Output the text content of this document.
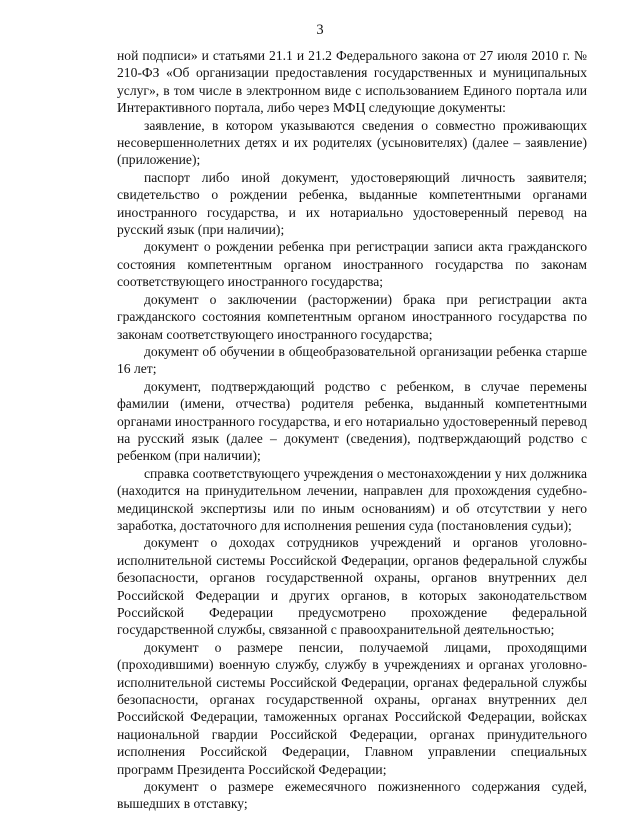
3

ной подписи» и статьями 21.1 и 21.2 Федерального закона от 27 июля 2010 г. № 210-ФЗ «Об организации предоставления государственных и муниципальных услуг», в том числе в электронном виде с использованием Единого портала или Интерактивного портала, либо через МФЦ следующие документы:

заявление, в котором указываются сведения о совместно проживающих несовершеннолетних детях и их родителях (усыновителях) (далее – заявление) (приложение);

паспорт либо иной документ, удостоверяющий личность заявителя; свидетельство о рождении ребенка, выданные компетентными органами иностранного государства, и их нотариально удостоверенный перевод на русский язык (при наличии);

документ о рождении ребенка при регистрации записи акта гражданского состояния компетентным органом иностранного государства по законам соответствующего иностранного государства;

документ о заключении (расторжении) брака при регистрации акта гражданского состояния компетентным органом иностранного государства по законам соответствующего иностранного государства;

документ об обучении в общеобразовательной организации ребенка старше 16 лет;

документ, подтверждающий родство с ребенком, в случае перемены фамилии (имени, отчества) родителя ребенка, выданный компетентными органами иностранного государства, и его нотариально удостоверенный перевод на русский язык (далее – документ (сведения), подтверждающий родство с ребенком (при наличии);

справка соответствующего учреждения о местонахождении у них должника (находится на принудительном лечении, направлен для прохождения судебно-медицинской экспертизы или по иным основаниям) и об отсутствии у него заработка, достаточного для исполнения решения суда (постановления судьи);

документ о доходах сотрудников учреждений и органов уголовно-исполнительной системы Российской Федерации, органов федеральной службы безопасности, органов государственной охраны, органов внутренних дел Российской Федерации и других органов, в которых законодательством Российской Федерации предусмотрено прохождение федеральной государственной службы, связанной с правоохранительной деятельностью;

документ о размере пенсии, получаемой лицами, проходящими (проходившими) военную службу, службу в учреждениях и органах уголовно-исполнительной системы Российской Федерации, органах федеральной службы безопасности, органах государственной охраны, органах внутренних дел Российской Федерации, таможенных органах Российской Федерации, войсках национальной гвардии Российской Федерации, органах принудительного исполнения Российской Федерации, Главном управлении специальных программ Президента Российской Федерации;

документ о размере ежемесячного пожизненного содержания судей, вышедших в отставку;
